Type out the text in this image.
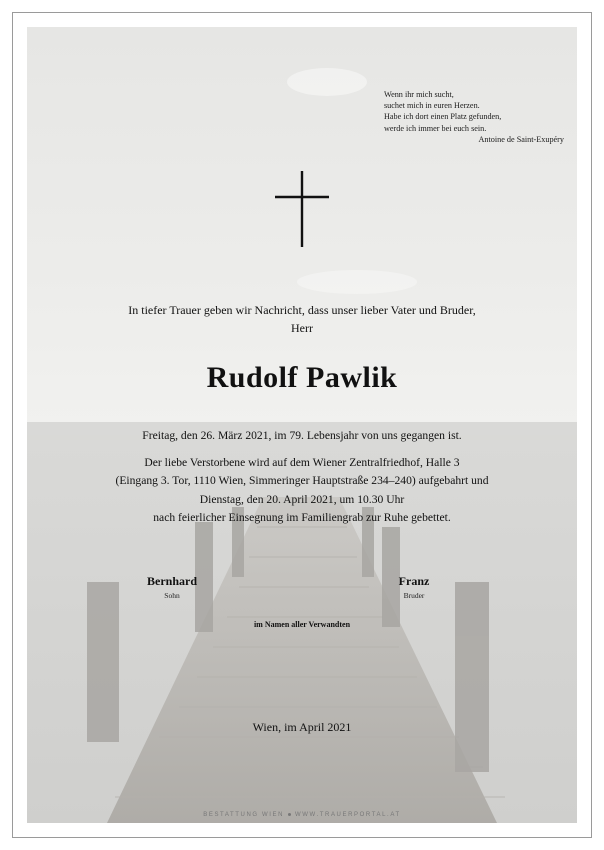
Wenn ihr mich sucht,
suchet mich in euren Herzen.
Habe ich dort einen Platz gefunden,
werde ich immer bei euch sein.
Antoine de Saint-Exupéry
In tiefer Trauer geben wir Nachricht, dass unser lieber Vater und Bruder,
Herr
Rudolf Pawlik
Freitag, den 26. März 2021, im 79. Lebensjahr von uns gegangen ist.
Der liebe Verstorbene wird auf dem Wiener Zentralfriedhof, Halle 3
(Eingang 3. Tor, 1110 Wien, Simmeringer Hauptstraße 234–240) aufgebahrt und
Dienstag, den 20. April 2021, um 10.30 Uhr
nach feierlicher Einsegnung im Familiengrab zur Ruhe gebettet.
Bernhard
Sohn
Franz
Bruder
im Namen aller Verwandten
Wien, im April 2021
BESTATTUNG WIEN WWW.TRAUERPORTAL.AT
